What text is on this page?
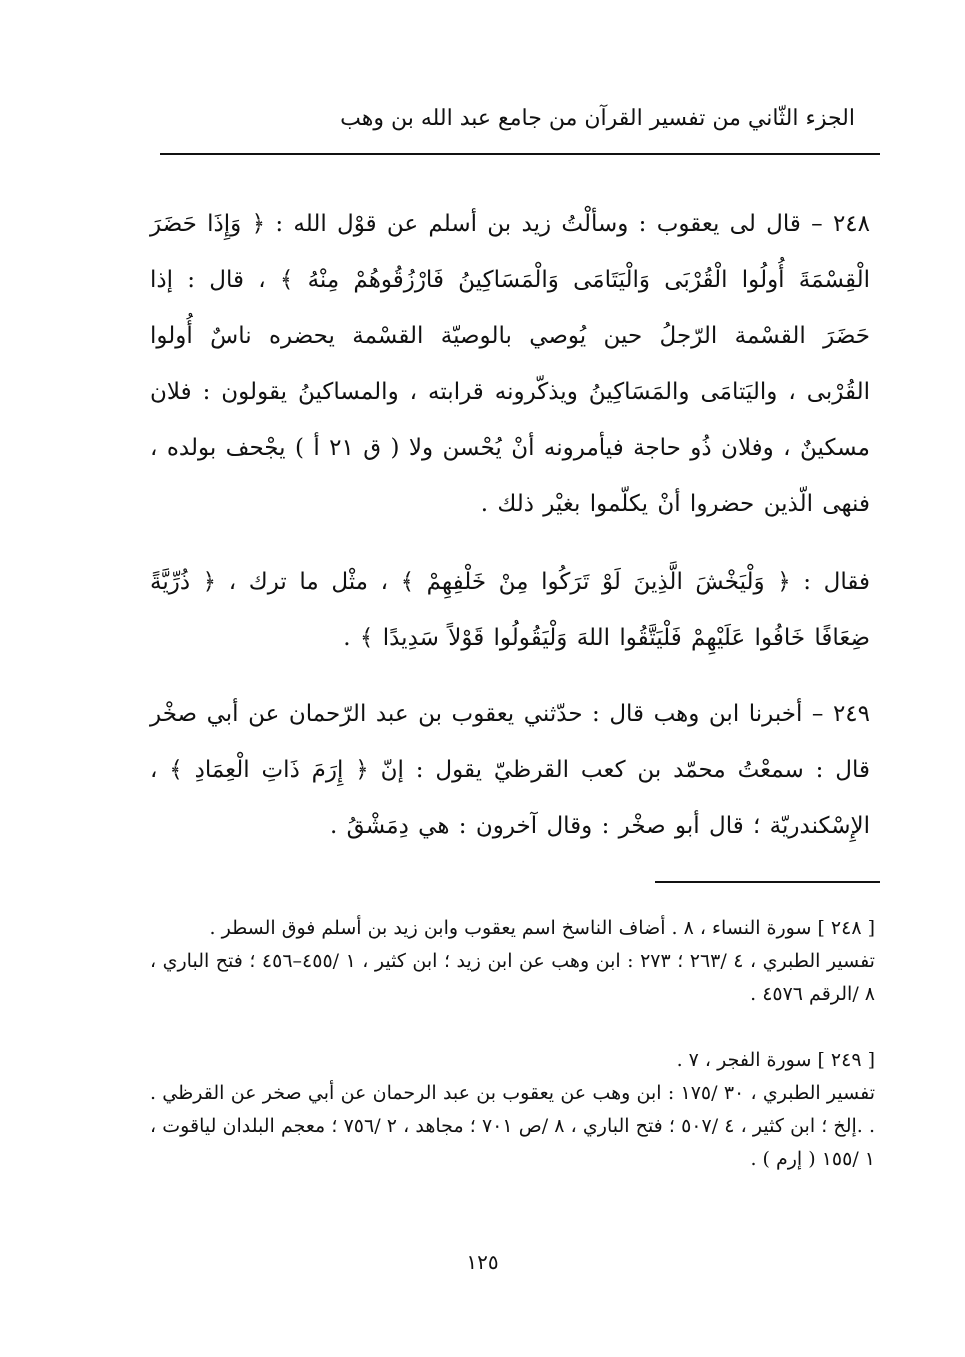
الجزء الثّاني من تفسير القرآن من جامع عبد الله بن وهب
٢٤٨ – قال لى يعقوب : وسألْتُ زيد بن أسلم عن قوْل الله : ﴿ وَإِذَا حَضَرَ الْقِسْمَةَ أُولُوا الْقُرْبَى وَالْيَتَامَى وَالْمَسَاكِينُ فَارْزُقُوهُمْ مِنْهُ ﴾ ، قال : إذا حَضَرَ القسْمة الرّجلُ حين يُوصي بالوصيّة القسْمة يحضره ناسٌ أُولوا القُرْبى ، واليَتامَى والمَسَاكِينُ ويذكّرونه قرابته ، والمساكينُ يقولون : فلان مسكينٌ ، وفلان ذُو حاجة فيأمرونه أنْ يُحْسن ولا ( ق ٢١ أ ) يجْحف بولده ، فنهى الّذين حضروا أنْ يكلّموا بغيْر ذلك .
فقال : ﴿ وَلْيَخْشَ الَّذِينَ لَوْ تَرَكُوا مِنْ خَلْفِهِمْ ﴾ ، مثْل ما ترك ، ﴿ ذُرِّيَّةً ضِعَافًا خَافُوا عَلَيْهِمْ فَلْيَتَّقُوا اللهَ وَلْيَقُولُوا قَوْلاً سَدِيدًا ﴾ .
٢٤٩ – أخبرنا ابن وهب قال : حدّثني يعقوب بن عبد الرّحمان عن أبي صخْر قال : سمعْتُ محمّد بن كعب القرظيّ يقول : إنّ ﴿ إِرَمَ ذَاتِ الْعِمَادِ ﴾ ، الإِسْكندريّة ؛ قال أبو صخْر : وقال آخرون : هي دِمَشْقُ .
[ ٢٤٨ ] سورة النساء ، ٨ . أضاف الناسخ اسم يعقوب وابن زيد بن أسلم فوق السطر .
تفسير الطبري ، ٤ /٢٦٣ ؛ ٢٧٣ : ابن وهب عن ابن زيد ؛ ابن كثير ، ١ /٤٥٥–٤٥٦ ؛ فتح الباري ، ٨ /الرقم ٤٥٧٦ .
[ ٢٤٩ ] سورة الفجر ، ٧ .
تفسير الطبري ، ٣٠ /١٧٥ : ابن وهب عن يعقوب بن عبد الرحمان عن أبي صخر عن القرظي . . .إلخ ؛ ابن كثير ، ٤ /٥٠٧ ؛ فتح الباري ، ٨ /ص ٧٠١ ؛ مجاهد ، ٢ /٧٥٦ ؛ معجم البلدان لياقوت ، ١ /١٥٥ ( إرم ) .
١٢٥
